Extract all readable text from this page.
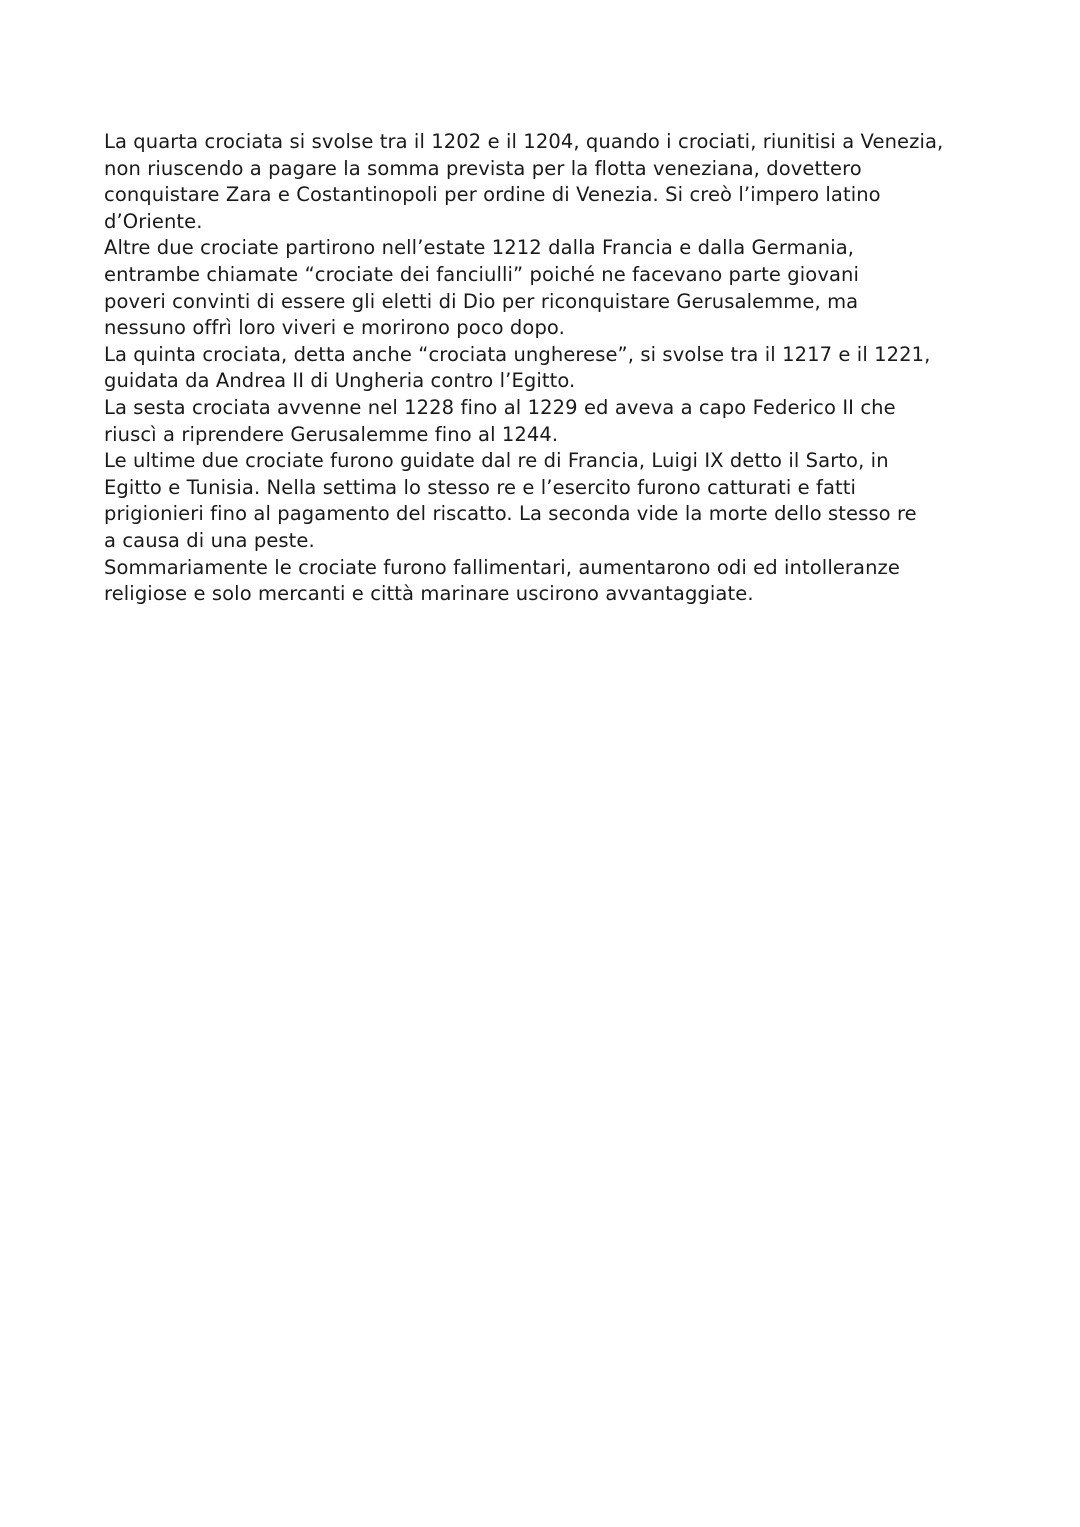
La quarta crociata si svolse tra il 1202 e il 1204, quando i crociati, riunitisi a Venezia,
non riuscendo a pagare la somma prevista per la flotta veneziana, dovettero
conquistare Zara e Costantinopoli per ordine di Venezia. Si creò l’impero latino
d’Oriente.
Altre due crociate partirono nell’estate 1212 dalla Francia e dalla Germania,
entrambe chiamate “crociate dei fanciulli” poiché ne facevano parte giovani
poveri convinti di essere gli eletti di Dio per riconquistare Gerusalemme, ma
nessuno offrì loro viveri e morirono poco dopo.
La quinta crociata, detta anche “crociata ungherese”, si svolse tra il 1217 e il 1221,
guidata da Andrea II di Ungheria contro l’Egitto.
La sesta crociata avvenne nel 1228 fino al 1229 ed aveva a capo Federico II che
riuscì a riprendere Gerusalemme fino al 1244.
Le ultime due crociate furono guidate dal re di Francia, Luigi IX detto il Sarto, in
Egitto e Tunisia. Nella settima lo stesso re e l’esercito furono catturati e fatti
prigionieri fino al pagamento del riscatto. La seconda vide la morte dello stesso re
a causa di una peste.
Sommariamente le crociate furono fallimentari, aumentarono odi ed intolleranze
religiose e solo mercanti e città marinare uscirono avvantaggiate.
